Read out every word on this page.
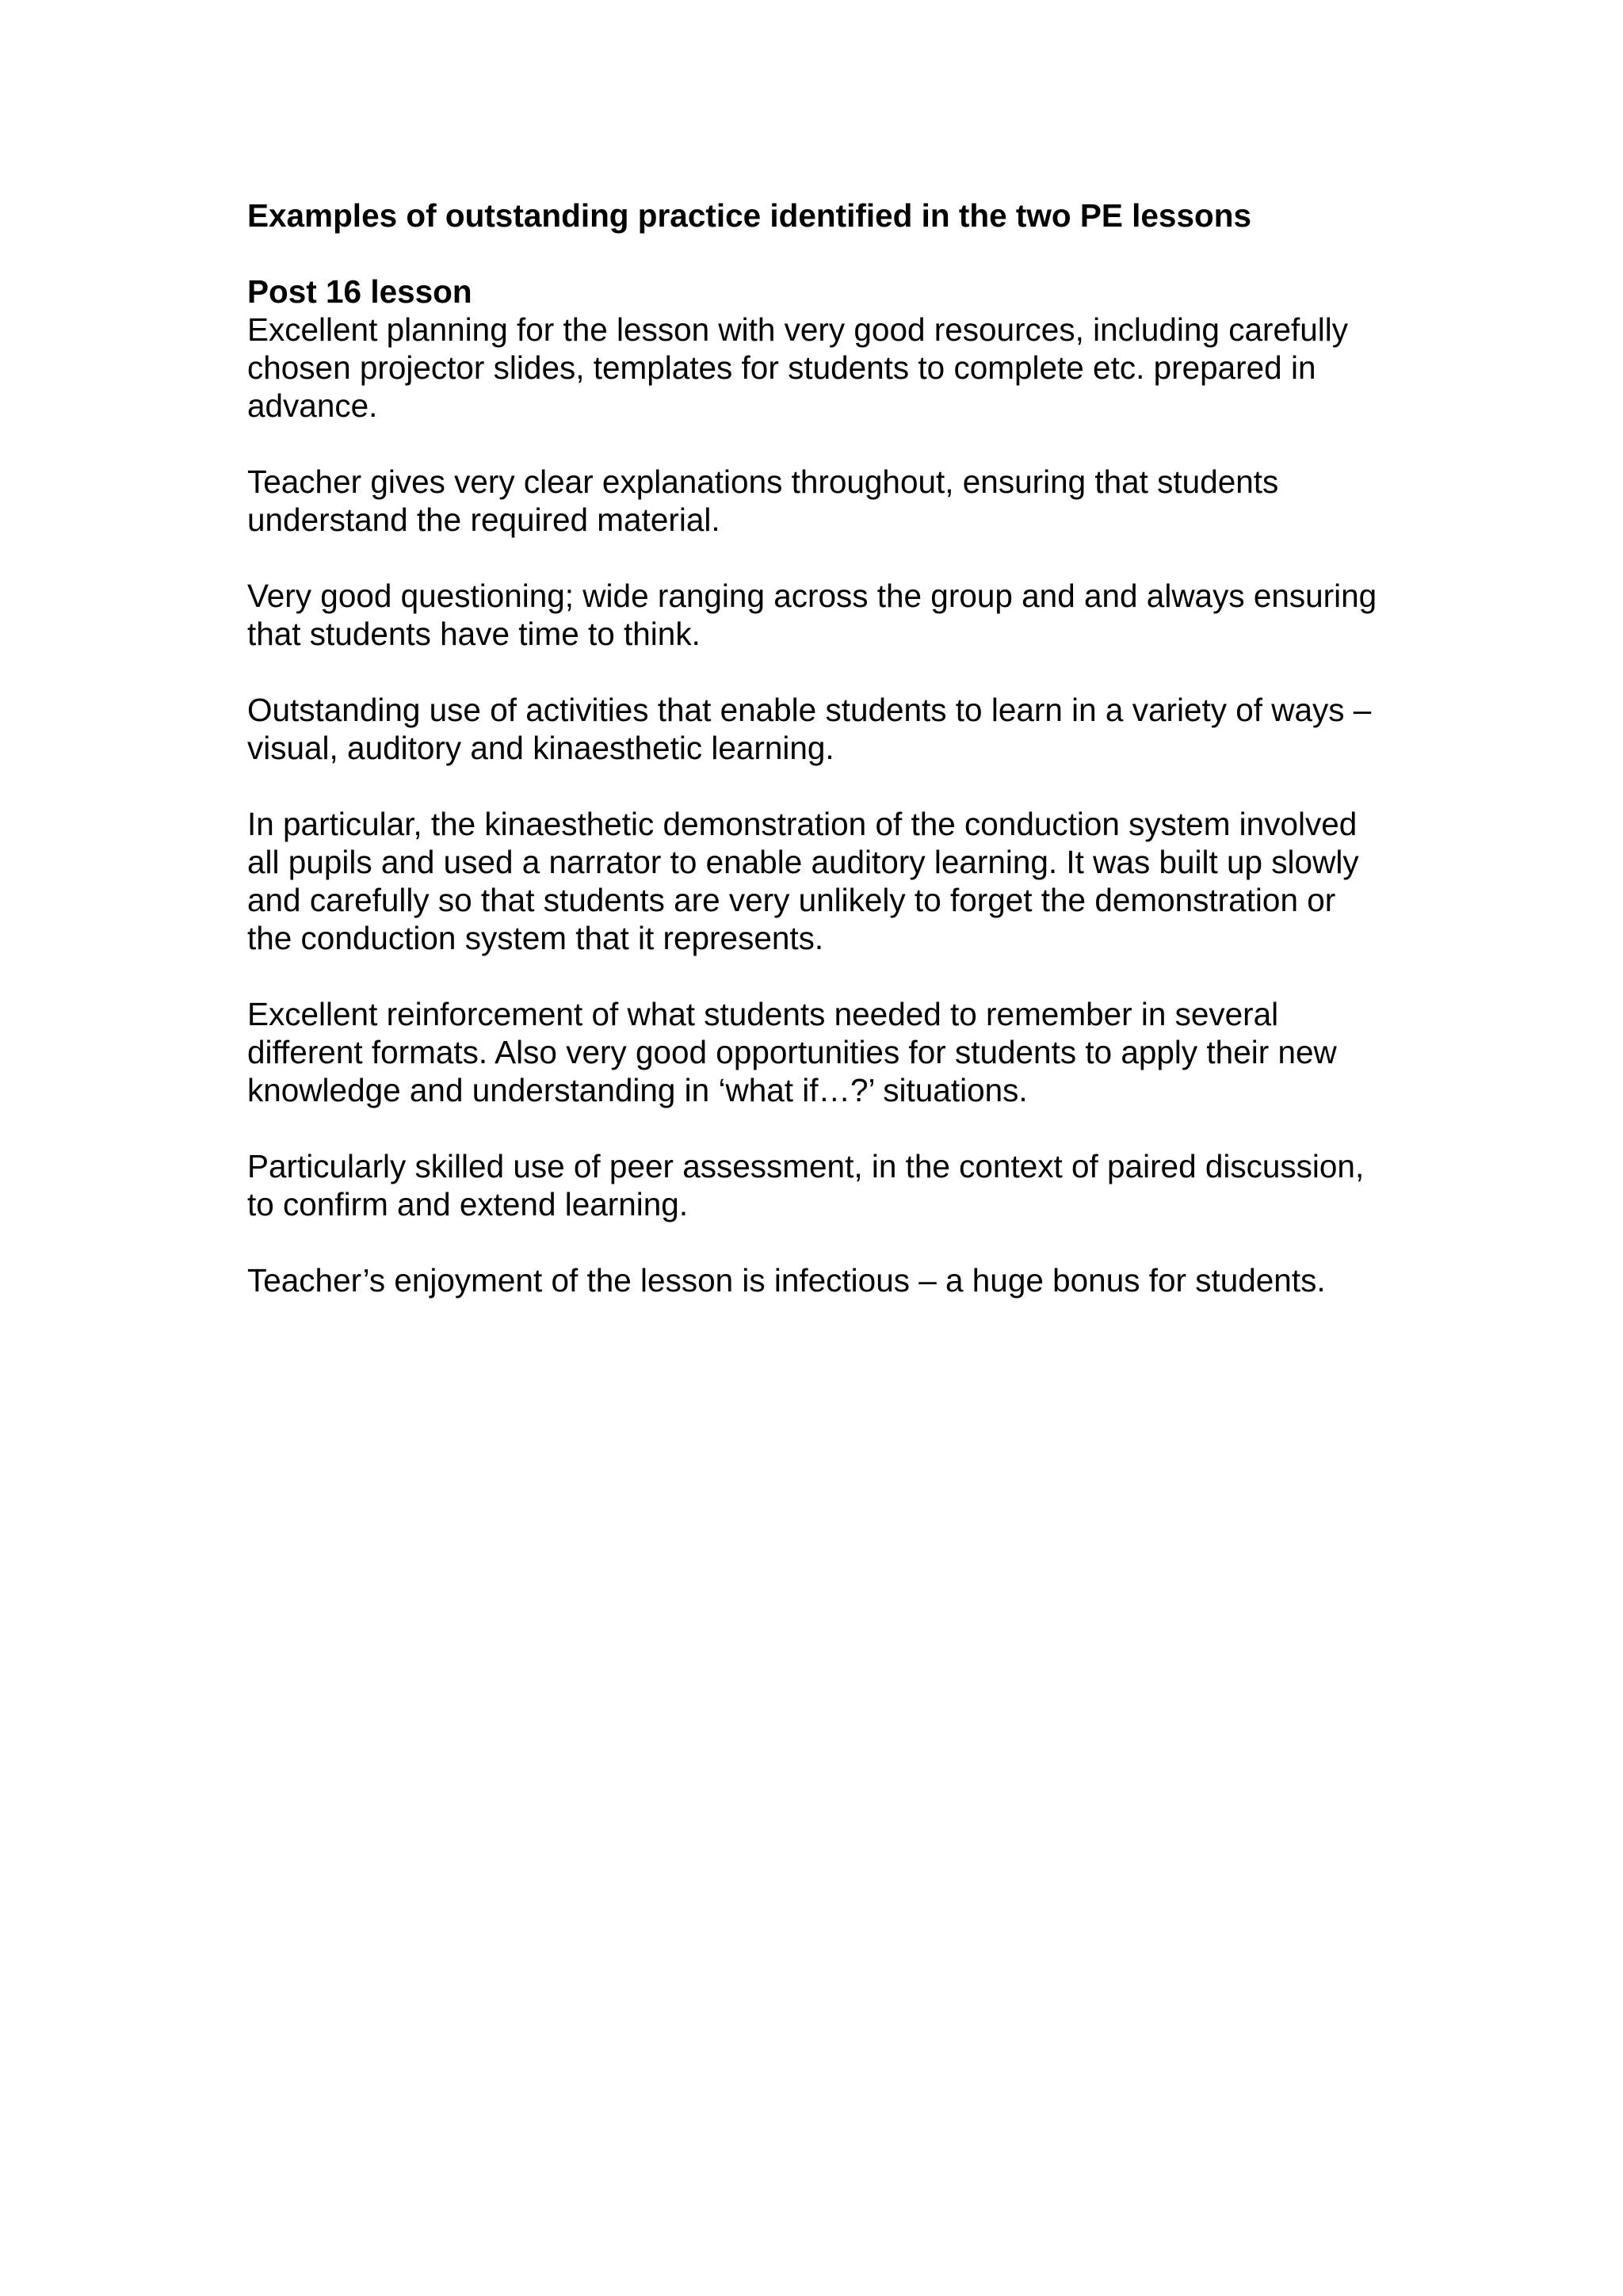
Examples of outstanding practice identified in the two PE lessons

Post 16 lesson

Excellent planning for the lesson with very good resources, including carefully chosen projector slides, templates for students to complete etc. prepared in advance.

Teacher gives very clear explanations throughout, ensuring that students understand the required material.

Very good questioning; wide ranging across the group and and always ensuring that students have time to think.

Outstanding use of activities that enable students to learn in a variety of ways – visual, auditory and kinaesthetic learning.

In particular, the kinaesthetic demonstration of the conduction system involved all pupils and used a narrator to enable auditory learning. It was built up slowly and carefully so that students are very unlikely to forget the demonstration or the conduction system that it represents.

Excellent reinforcement of what students needed to remember in several different formats. Also very good opportunities for students to apply their new knowledge and understanding in ‘what if…?’ situations.

Particularly skilled use of peer assessment, in the context of paired discussion, to confirm and extend learning.

Teacher’s enjoyment of the lesson is infectious – a huge bonus for students.
